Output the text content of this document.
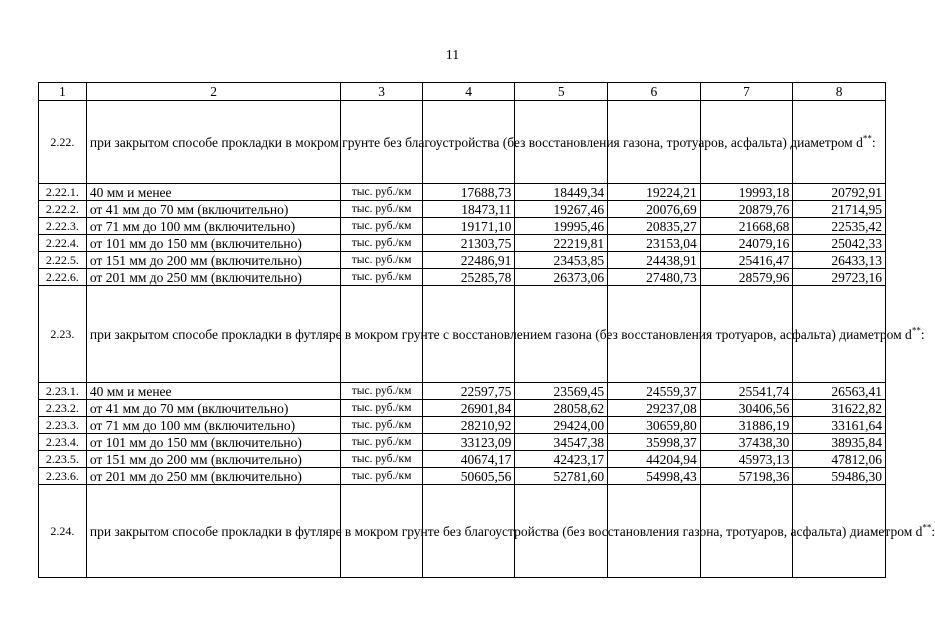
11
1	2	3	4	5	6	7	8
2.22.	при закрытом способе прокладки в мокром грунте без благоустройства (без восстановления газона, тротуаров, асфальта) диаметром d**:						
2.22.1.	40 мм и менее	тыс. руб./км	17688,73	18449,34	19224,21	19993,18	20792,91
2.22.2.	от 41 мм до 70 мм (включительно)	тыс. руб./км	18473,11	19267,46	20076,69	20879,76	21714,95
2.22.3.	от 71 мм до 100 мм (включительно)	тыс. руб./км	19171,10	19995,46	20835,27	21668,68	22535,42
2.22.4.	от 101 мм до 150 мм (включительно)	тыс. руб./км	21303,75	22219,81	23153,04	24079,16	25042,33
2.22.5.	от 151 мм до 200 мм (включительно)	тыс. руб./км	22486,91	23453,85	24438,91	25416,47	26433,13
2.22.6.	от 201 мм до 250 мм (включительно)	тыс. руб./км	25285,78	26373,06	27480,73	28579,96	29723,16
2.23.	при закрытом способе прокладки в футляре в мокром грунте с восстановлением газона (без восстановления тротуаров, асфальта) диаметром d**:						
2.23.1.	40 мм и менее	тыс. руб./км	22597,75	23569,45	24559,37	25541,74	26563,41
2.23.2.	от 41 мм до 70 мм (включительно)	тыс. руб./км	26901,84	28058,62	29237,08	30406,56	31622,82
2.23.3.	от 71 мм до 100 мм (включительно)	тыс. руб./км	28210,92	29424,00	30659,80	31886,19	33161,64
2.23.4.	от 101 мм до 150 мм (включительно)	тыс. руб./км	33123,09	34547,38	35998,37	37438,30	38935,84
2.23.5.	от 151 мм до 200 мм (включительно)	тыс. руб./км	40674,17	42423,17	44204,94	45973,13	47812,06
2.23.6.	от 201 мм до 250 мм (включительно)	тыс. руб./км	50605,56	52781,60	54998,43	57198,36	59486,30
2.24.	при закрытом способе прокладки в футляре в мокром грунте без благоустройства (без восстановления газона, тротуаров, асфальта) диаметром d**:						
